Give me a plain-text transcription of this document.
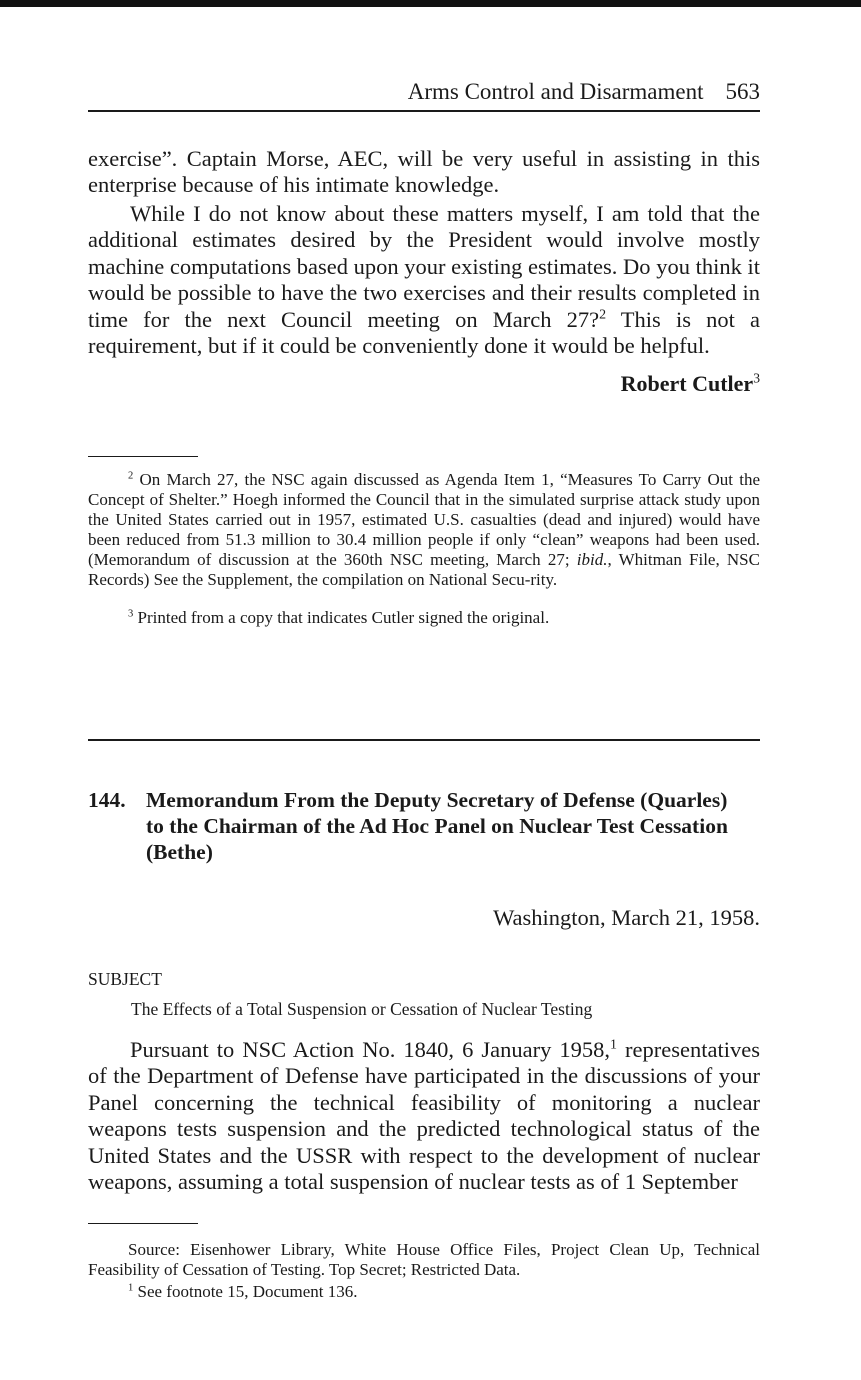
Arms Control and Disarmament 563

exercise”. Captain Morse, AEC, will be very useful in assisting in this enterprise because of his intimate knowledge.

While I do not know about these matters myself, I am told that the additional estimates desired by the President would involve mostly machine computations based upon your existing estimates. Do you think it would be possible to have the two exercises and their results completed in time for the next Council meeting on March 27?$^2$ This is not a requirement, but if it could be conveniently done it would be helpful.

Robert Cutler$^3$

$^2$ On March 27, the NSC again discussed as Agenda Item 1, “Measures To Carry Out the Concept of Shelter.” Hoegh informed the Council that in the simulated surprise attack study upon the United States carried out in 1957, estimated U.S. casualties (dead and injured) would have been reduced from 51.3 million to 30.4 million people if only “clean” weapons had been used. (Memorandum of discussion at the 360th NSC meeting, March 27; ibid., Whitman File, NSC Records) See the Supplement, the compilation on National Secu-rity.

$^3$ Printed from a copy that indicates Cutler signed the original.

144. Memorandum From the Deputy Secretary of Defense (Quarles) to the Chairman of the Ad Hoc Panel on Nuclear Test Cessation (Bethe)
Washington, March 21, 1958.
SUBJECT
The Effects of a Total Suspension or Cessation of Nuclear Testing

Pursuant to NSC Action No. 1840, 6 January 1958,$^1$ representatives of the Department of Defense have participated in the discussions of your Panel concerning the technical feasibility of monitoring a nuclear weapons tests suspension and the predicted technological status of the United States and the USSR with respect to the development of nuclear weapons, assuming a total suspension of nuclear tests as of 1 September

Source: Eisenhower Library, White House Office Files, Project Clean Up, Technical Feasibility of Cessation of Testing. Top Secret; Restricted Data.

$^1$ See footnote 15, Document 136.
